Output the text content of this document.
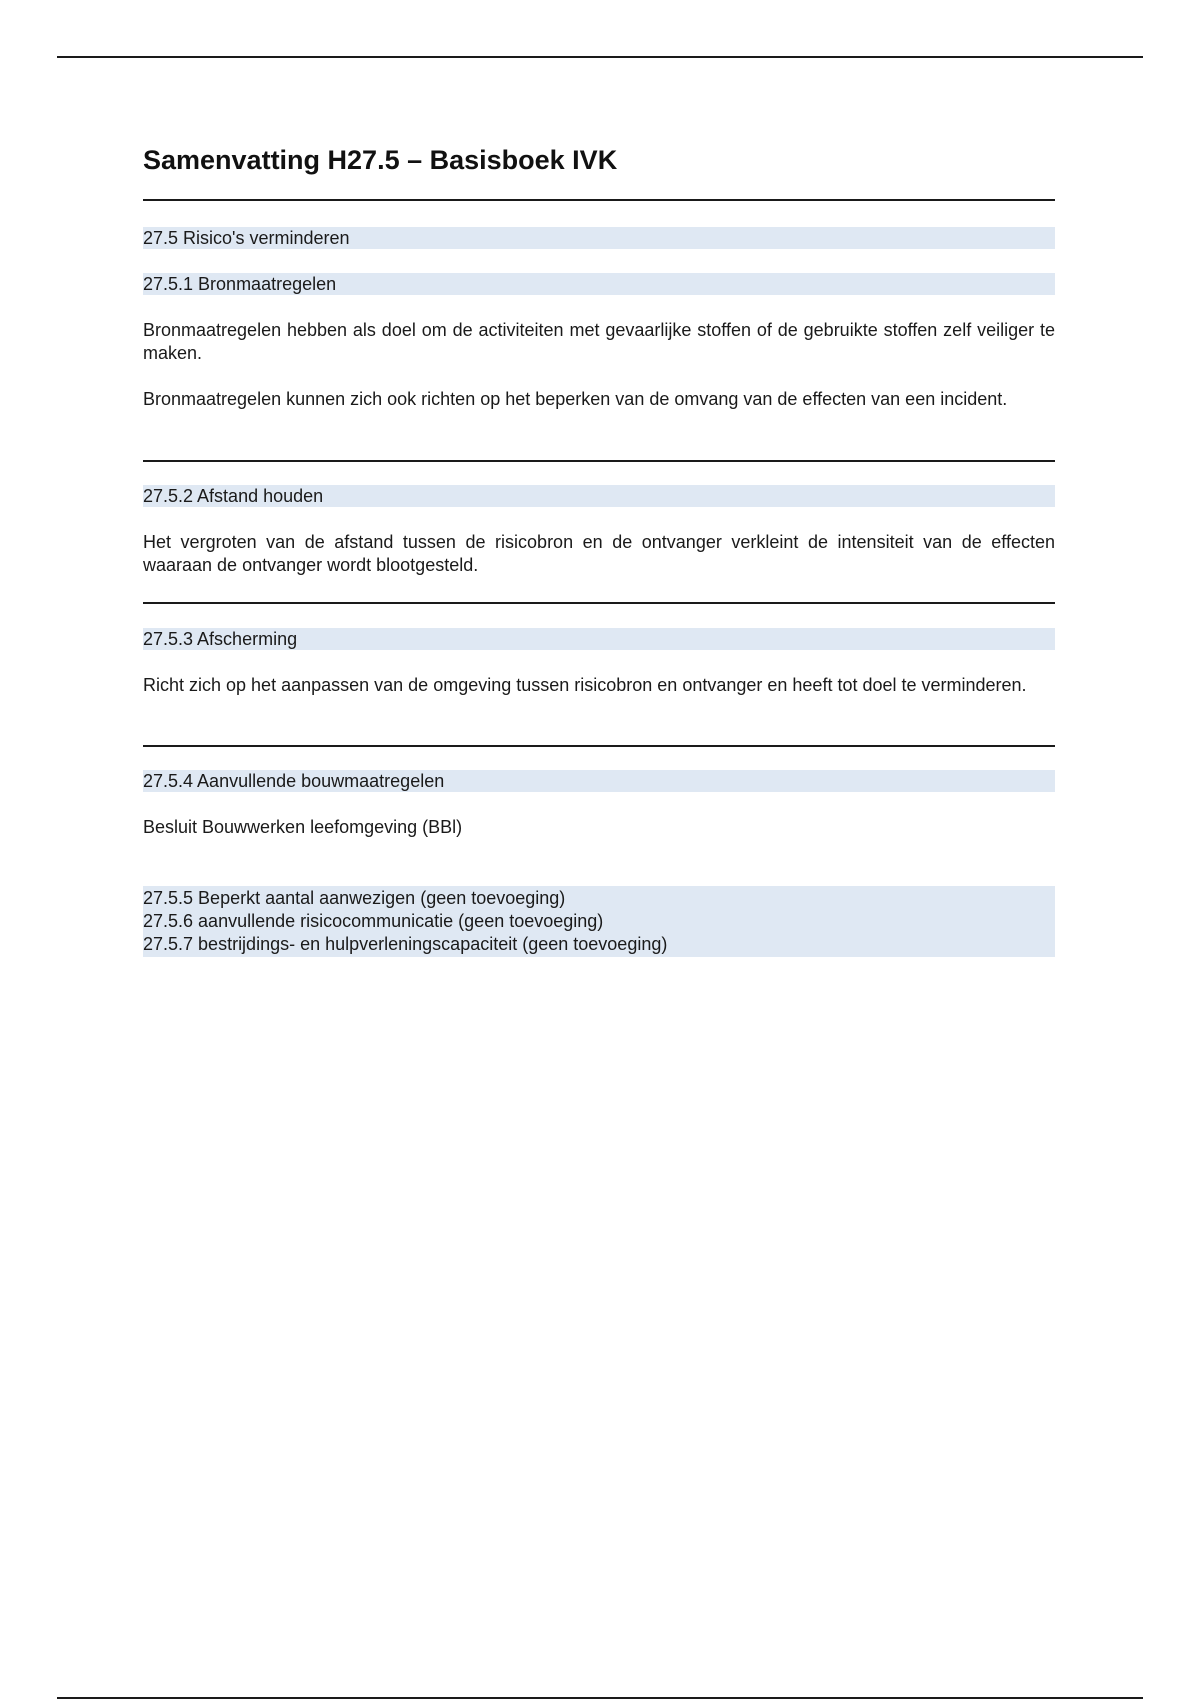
Samenvatting H27.5 – Basisboek IVK
27.5 Risico's verminderen
27.5.1 Bronmaatregelen

Bronmaatregelen hebben als doel om de activiteiten met gevaarlijke stoffen of de gebruikte stoffen zelf veiliger te maken.

Bronmaatregelen kunnen zich ook richten op het beperken van de omvang van de effecten van een incident.

27.5.2 Afstand houden

Het vergroten van de afstand tussen de risicobron en de ontvanger verkleint de intensiteit van de effecten waaraan de ontvanger wordt blootgesteld.

27.5.3 Afscherming

Richt zich op het aanpassen van de omgeving tussen risicobron en ontvanger en heeft tot doel te verminderen.

27.5.4 Aanvullende bouwmaatregelen

Besluit Bouwwerken leefomgeving (BBl)

27.5.5 Beperkt aantal aanwezigen (geen toevoeging)
27.5.6 aanvullende risicocommunicatie (geen toevoeging)
27.5.7 bestrijdings- en hulpverleningscapaciteit (geen toevoeging)
